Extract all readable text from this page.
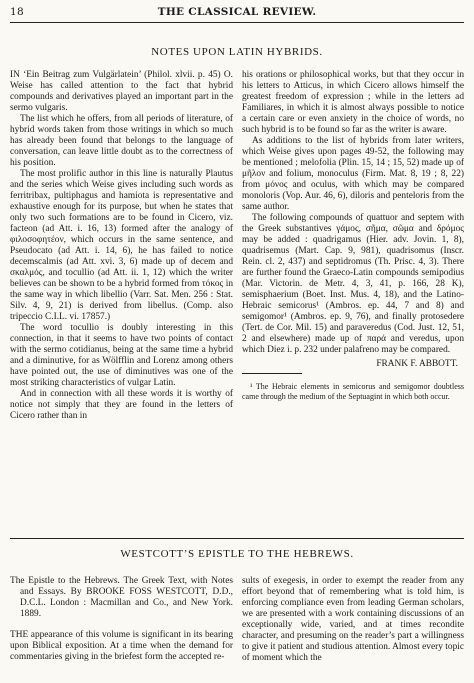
18	THE CLASSICAL REVIEW.
NOTES UPON LATIN HYBRIDS.

IN ‘Ein Beitrag zum Vulgärlatein’ (Philol. xlvii. p. 45) O. Weise has called attention to the fact that hybrid compounds and derivatives played an important part in the sermo vulgaris.

The list which he offers, from all periods of literature, of hybrid words taken from those writings in which so much has already been found that belongs to the language of conversation, can leave little doubt as to the correctness of his position.

The most prolific author in this line is naturally Plautus and the series which Weise gives including such words as ferritribax, pultiphagus and hamiota is representative and exhaustive enough for its purpose, but when he states that only two such formations are to be found in Cicero, viz. facteon (ad Att. i. 16, 13) formed after the analogy of φιλοσοφητέον, which occurs in the same sentence, and Pseudocato (ad Att. i. 14, 6), he has failed to notice decemscalmis (ad Att. xvi. 3, 6) made up of decem and σκαλμός, and tocullio (ad Att. ii. 1, 12) which the writer believes can be shown to be a hybrid formed from τόκος in the same way in which libellio (Varr. Sat. Men. 256 : Stat. Silv. 4, 9, 21) is derived from libellus. (Comp. also tripeccio C.I.L. vi. 17857.)

The word tocullio is doubly interesting in this connection, in that it seems to have two points of contact with the sermo cotidianus, being at the same time a hybrid and a diminutive, for as Wölfflin and Lorenz among others have pointed out, the use of diminutives was one of the most striking characteristics of vulgar Latin.

And in connection with all these words it is worthy of notice not simply that they are found in the letters of Cicero rather than in

his orations or philosophical works, but that they occur in his letters to Atticus, in which Cicero allows himself the greatest freedom of expression ; while in the letters ad Familiares, in which it is almost always possible to notice a certain care or even anxiety in the choice of words, no such hybrid is to be found so far as the writer is aware.

As additions to the list of hybrids from later writers, which Weise gives upon pages 49-52, the following may be mentioned ; melofolia (Plin. 15, 14 ; 15, 52) made up of μῆλον and folium, monoculus (Firm. Mat. 8, 19 ; 8, 22) from μόνος and oculus, with which may be compared monoloris (Vop. Aur. 46, 6), diloris and penteloris from the same author.

The following compounds of quattuor and septem with the Greek substantives γάμος, σῆμα, σῶμα and δρόμος may be added : quadrigamus (Hier. adv. Jovin. 1, 8), quadrisemus (Mart. Cap. 9, 981), quadrisomus (Inscr. Rein. cl. 2, 437) and septidromus (Th. Prisc. 4, 3). There are further found the Graeco-Latin compounds semipodius (Mar. Victorin. de Metr. 4, 3, 41, p. 166, 28 K), semisphaerium (Boet. Inst. Mus. 4, 18), and the Latino-Hebraic semicorus¹ (Ambros. ep. 44, 7 and 8) and semigomor¹ (Ambros. ep. 9, 76), and finally protosedere (Tert. de Cor. Mil. 15) and paraveredus (Cod. Just. 12, 51, 2 and elsewhere) made up of παρά and veredus, upon which Diez i. p. 232 under palafreno may be compared.

FRANK F. ABBOTT.

¹ The Hebraic elements in semicorus and semigomor doubtless came through the medium of the Septuagint in which both occur.

WESTCOTT’S EPISTLE TO THE HEBREWS.

The Epistle to the Hebrews. The Greek Text, with Notes and Essays. By BROOKE FOSS WESTCOTT, D.D., D.C.L. London : Macmillan and Co., and New York. 1889.

THE appearance of this volume is significant in its bearing upon Biblical exposition. At a time when the demand for commentaries giving in the briefest form the accepted re-

sults of exegesis, in order to exempt the reader from any effort beyond that of remembering what is told him, is enforcing compliance even from leading German scholars, we are presented with a work containing discussions of an exceptionally wide, varied, and at times recondite character, and presuming on the reader’s part a willingness to give it patient and studious attention. Almost every topic of moment which the
